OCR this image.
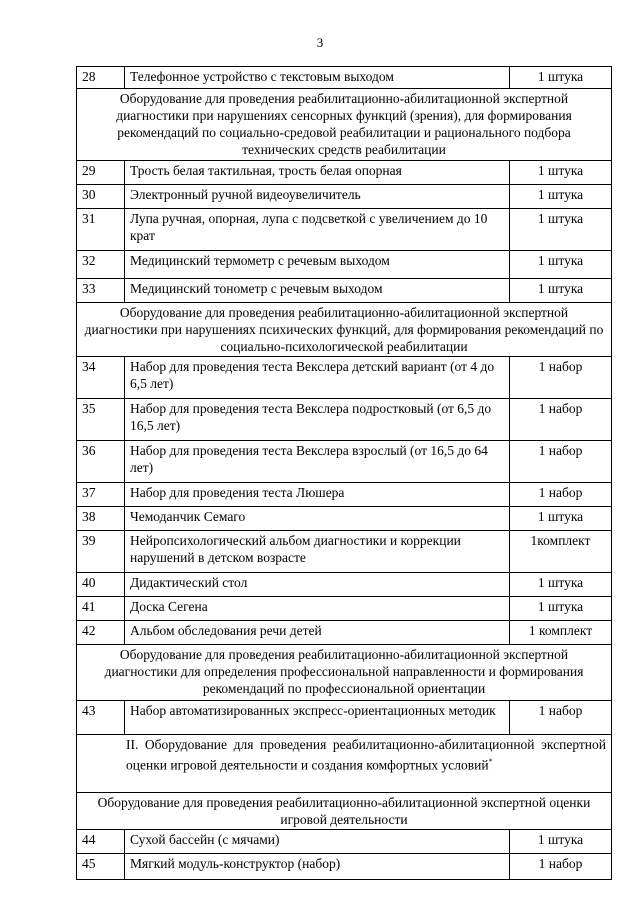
3
28	Телефонное устройство с текстовым выходом	1 штука
Оборудование для проведения реабилитационно-абилитационной экспертной диагностики при нарушениях сенсорных функций (зрения), для формирования рекомендаций по социально-средовой реабилитации и рационального подбора технических средств реабилитации		
29	Трость белая тактильная, трость белая опорная	1 штука
30	Электронный ручной видеоувеличитель	1 штука
31	Лупа ручная, опорная, лупа с подсветкой с увеличением до 10 крат	1 штука
32	Медицинский термометр с речевым выходом	1 штука
33	Медицинский тонометр с речевым выходом	1 штука
Оборудование для проведения реабилитационно-абилитационной экспертной диагностики при нарушениях психических функций, для формирования рекомендаций по социально-психологической реабилитации		
34	Набор для проведения теста Векслера детский вариант (от 4 до 6,5 лет)	1 набор
35	Набор для проведения теста Векслера подростковый (от 6,5 до 16,5 лет)	1 набор
36	Набор для проведения теста Векслера взрослый (от 16,5 до 64 лет)	1 набор
37	Набор для проведения теста Люшера	1 набор
38	Чемоданчик Семаго	1 штука
39	Нейропсихологический альбом диагностики и коррекции нарушений в детском возрасте	1комплект
40	Дидактический стол	1 штука
41	Доска Сегена	1 штука
42	Альбом обследования речи детей	1 комплект
Оборудование для проведения реабилитационно-абилитационной экспертной диагностики для определения профессиональной направленности и формирования рекомендаций по профессиональной ориентации		
43	Набор автоматизированных экспресс-ориентационных методик	1 набор

II. Оборудование для проведения реабилитационно-абилитационной экспертной оценки игровой деятельности и создания комфортных условий*

Оборудование для проведения реабилитационно-абилитационной экспертной оценки игровой деятельности		
44	Сухой бассейн (с мячами)	1 штука
45	Мягкий модуль-конструктор (набор)	1 набор
